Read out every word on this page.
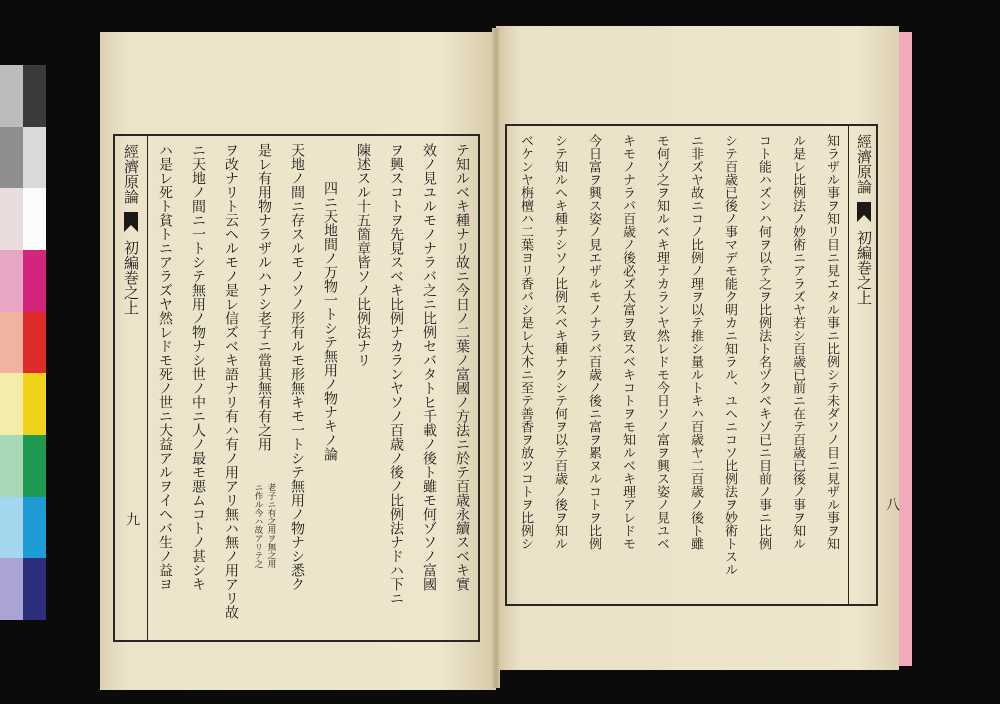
經濟原論
初編巻之上
八
知ラザル事ヲ知リ目ニ見エタル事ニ比例シテ未ダソノ目ニ見ザル事ヲ知
ル是レ比例法ノ妙術ニアラズヤ若シ百歳已前ニ在テ百歳已後ノ事ヲ知ル
コト能ハズンハ何ヲ以テ之ヲ比例法ト名ヅクベキゾ已ニ目前ノ事ニ比例
シテ百歳已後ノ事マデモ能ク明カニ知ラル、ユヘニコソ比例法ヲ妙術トスル
ニ非ズヤ故ニコノ比例ノ理ヲ以テ推シ量ルトキハ百歳ヤ二百歳ノ後ト雖
モ何ゾ之ヲ知ルベキ理ナカランヤ然レドモ今日ソノ富ヲ興ス姿ノ見ユベ
キモノナラバ百歳ノ後必ズ大富ヲ致スベキコトヲモ知ルベキ理アレドモ
今日富ヲ興ス姿ノ見エザルモノナラバ百歳ノ後ニ富ヲ累ヌルコトヲ比例
シテ知ルヘキ種ナシソノ比例スベキ種ナクシテ何ヲ以テ百歳ノ後ヲ知ル
ベケンヤ栴檀ハ二葉ヨリ香バシ是レ大木ニ至テ善香ヲ放ツコトヲ比例シ
經濟原論
初編巻之上
九	テ知ルベキ種ナリ故ニ今日ノ二葉ノ富國ノ方法ニ於テ百歳永續スベキ實
效ノ見ユルモノナラバ之ニ比例セバタトヒ千載ノ後ト雖モ何ゾソノ富國
ヲ興スコトヲ先見スベキ比例ナカランヤソノ百歳ノ後ノ比例法ナドハ下ニ
陳述スル十五箇章皆ソノ比例法ナリ
四ニ天地間ノ万物一トシテ無用ノ物ナキノ論
天地ノ間ニ存スルモノソノ形有ルモ形無キモ一トシテ無用ノ物ナシ悉ク
是レ有用物ナラザルハナシ老子ニ當其無有有之用
老子ニ有之用ヲ無之用
ニ作ル今ハ故アリテ之
ヲ改ナリト云ヘルモノ是レ信ズベキ語ナリ有ハ有ノ用アリ無ハ無ノ用アリ故
ニ天地ノ間ニ一トシテ無用ノ物ナシ世ノ中ニ人ノ最モ悪ムコトノ甚シキ
ハ是レ死ト貧トニアラズヤ然レドモ死ノ世ニ大益アルヲイヘバ生ノ益ヨ
